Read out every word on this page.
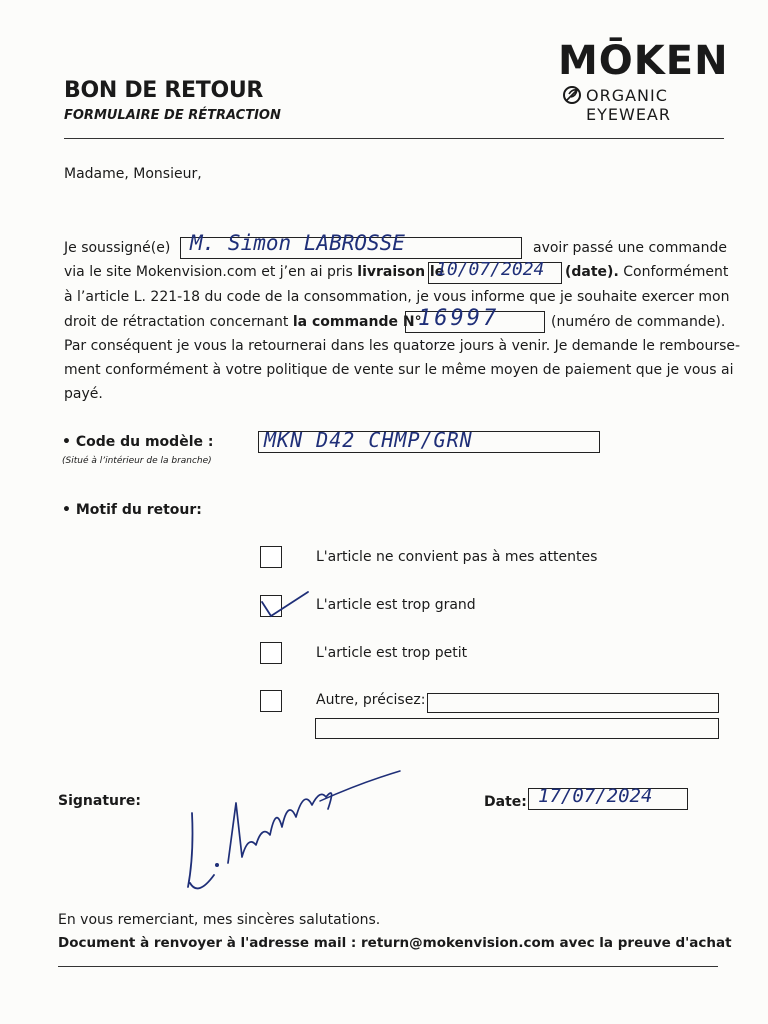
BON DE RETOUR
FORMULAIRE DE RÉTRACTION
MŌKEN
ORGANIC EYEWEAR
Madame, Monsieur,
Je soussigné(e) M. Simon LABROSSE	avoir passé une commande
via le site Mokenvision.com et j’en ai pris livraison le
10/07/2024 (date). Conformément
à l’article L. 221-18 du code de la consommation, je vous informe que je souhaite exercer mon
droit de rétractation concernant la commande N°
16997	(numéro de commande).
Par conséquent je vous la retournerai dans les quatorze jours à venir. Je demande le rembourse-
ment conformément à votre politique de vente sur le même moyen de paiement que je vous ai
payé.
• Code du modèle :
(Situé à l’intérieur de la branche)
MKN D42 CHMP/GRN
• Motif du retour:
L'article ne convient pas à mes attentes
L'article est trop grand
L'article est trop petit
Autre, précisez:
Signature:	Date: 17/07/2024
En vous remerciant, mes sincères salutations.
Document à renvoyer à l'adresse mail : return@mokenvision.com avec la preuve d'achat
